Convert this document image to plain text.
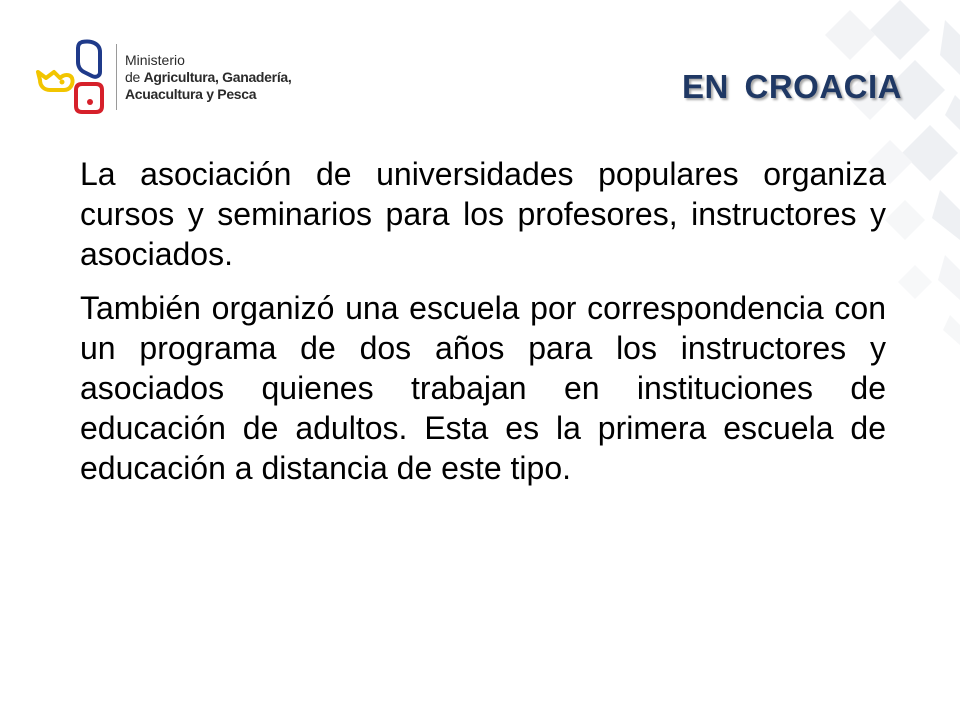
Ministerio
de Agricultura, Ganadería,
Acuacultura y Pesca	EN CROACIA

La asociación de universidades populares organiza cursos y seminarios para los profesores, instructores y asociados.

También organizó una escuela por correspondencia con un programa de dos años para los instructores y asociados quienes trabajan en instituciones de educación de adultos. Esta es la primera escuela de educación a distancia de este tipo.
